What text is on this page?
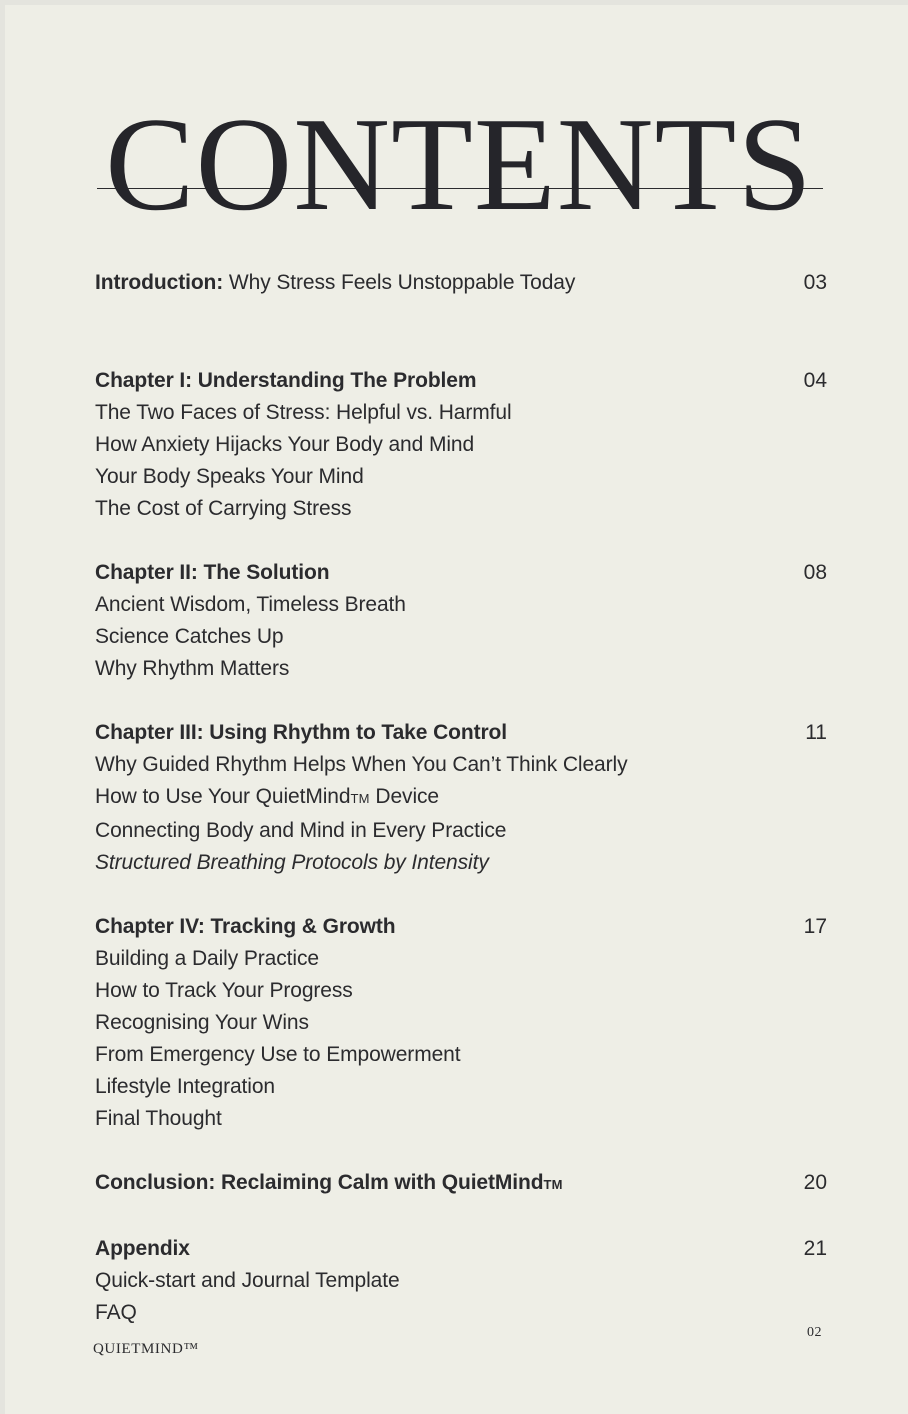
CONTENTS
Introduction: Why Stress Feels Unstoppable Today	03
Chapter I: Understanding The Problem	04
The Two Faces of Stress: Helpful vs. Harmful
How Anxiety Hijacks Your Body and Mind
Your Body Speaks Your Mind
The Cost of Carrying Stress
Chapter II: The Solution	08
Ancient Wisdom, Timeless Breath
Science Catches Up
Why Rhythm Matters
Chapter III: Using Rhythm to Take Control	11
Why Guided Rhythm Helps When You Can’t Think Clearly
How to Use Your QuietMindTM Device
Connecting Body and Mind in Every Practice
Structured Breathing Protocols by Intensity
Chapter IV: Tracking & Growth	17
Building a Daily Practice
How to Track Your Progress
Recognising Your Wins
From Emergency Use to Empowerment
Lifestyle Integration
Final Thought
Conclusion: Reclaiming Calm with QuietMindTM	20
Appendix	21
Quick-start and Journal Template
FAQ
QUIETMIND™
02
